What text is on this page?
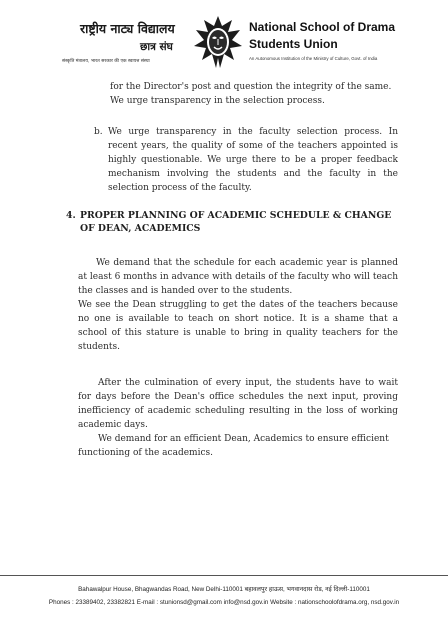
राष्ट्रीय नाट्य विद्यालय
छात्र संघ
संस्कृति मंत्रालय, भारत सरकार की एक स्वायत्त संस्था
National School of Drama
Students Union
An Autonomous Institution of the Ministry of Culture, Govt. of India
for the Director's post and question the integrity of the same. We urge transparency in the selection process.
b. We urge transparency in the faculty selection process. In recent years, the quality of some of the teachers appointed is highly questionable. We urge there to be a proper feedback mechanism involving the students and the faculty in the selection process of the faculty.
4. PROPER PLANNING OF ACADEMIC SCHEDULE & CHANGE OF DEAN, ACADEMICS
We demand that the schedule for each academic year is planned at least 6 months in advance with details of the faculty who will teach the classes and is handed over to the students.
We see the Dean struggling to get the dates of the teachers because no one is available to teach on short notice. It is a shame that a school of this stature is unable to bring in quality teachers for the students.
After the culmination of every input, the students have to wait for days before the Dean's office schedules the next input, proving inefficiency of academic scheduling resulting in the loss of working academic days.
We demand for an efficient Dean, Academics to ensure efficient functioning of the academics.
Bahawalpur House, Bhagwandas Road, New Delhi-110001 बहावलपुर हाऊस, भगवानदास रोड, नई दिल्ली-110001
Phones : 23389402, 23382821 E-mail : stunionsd@gmail.com info@nsd.gov.in Website : nationschoolofdrama.org, nsd.gov.in
